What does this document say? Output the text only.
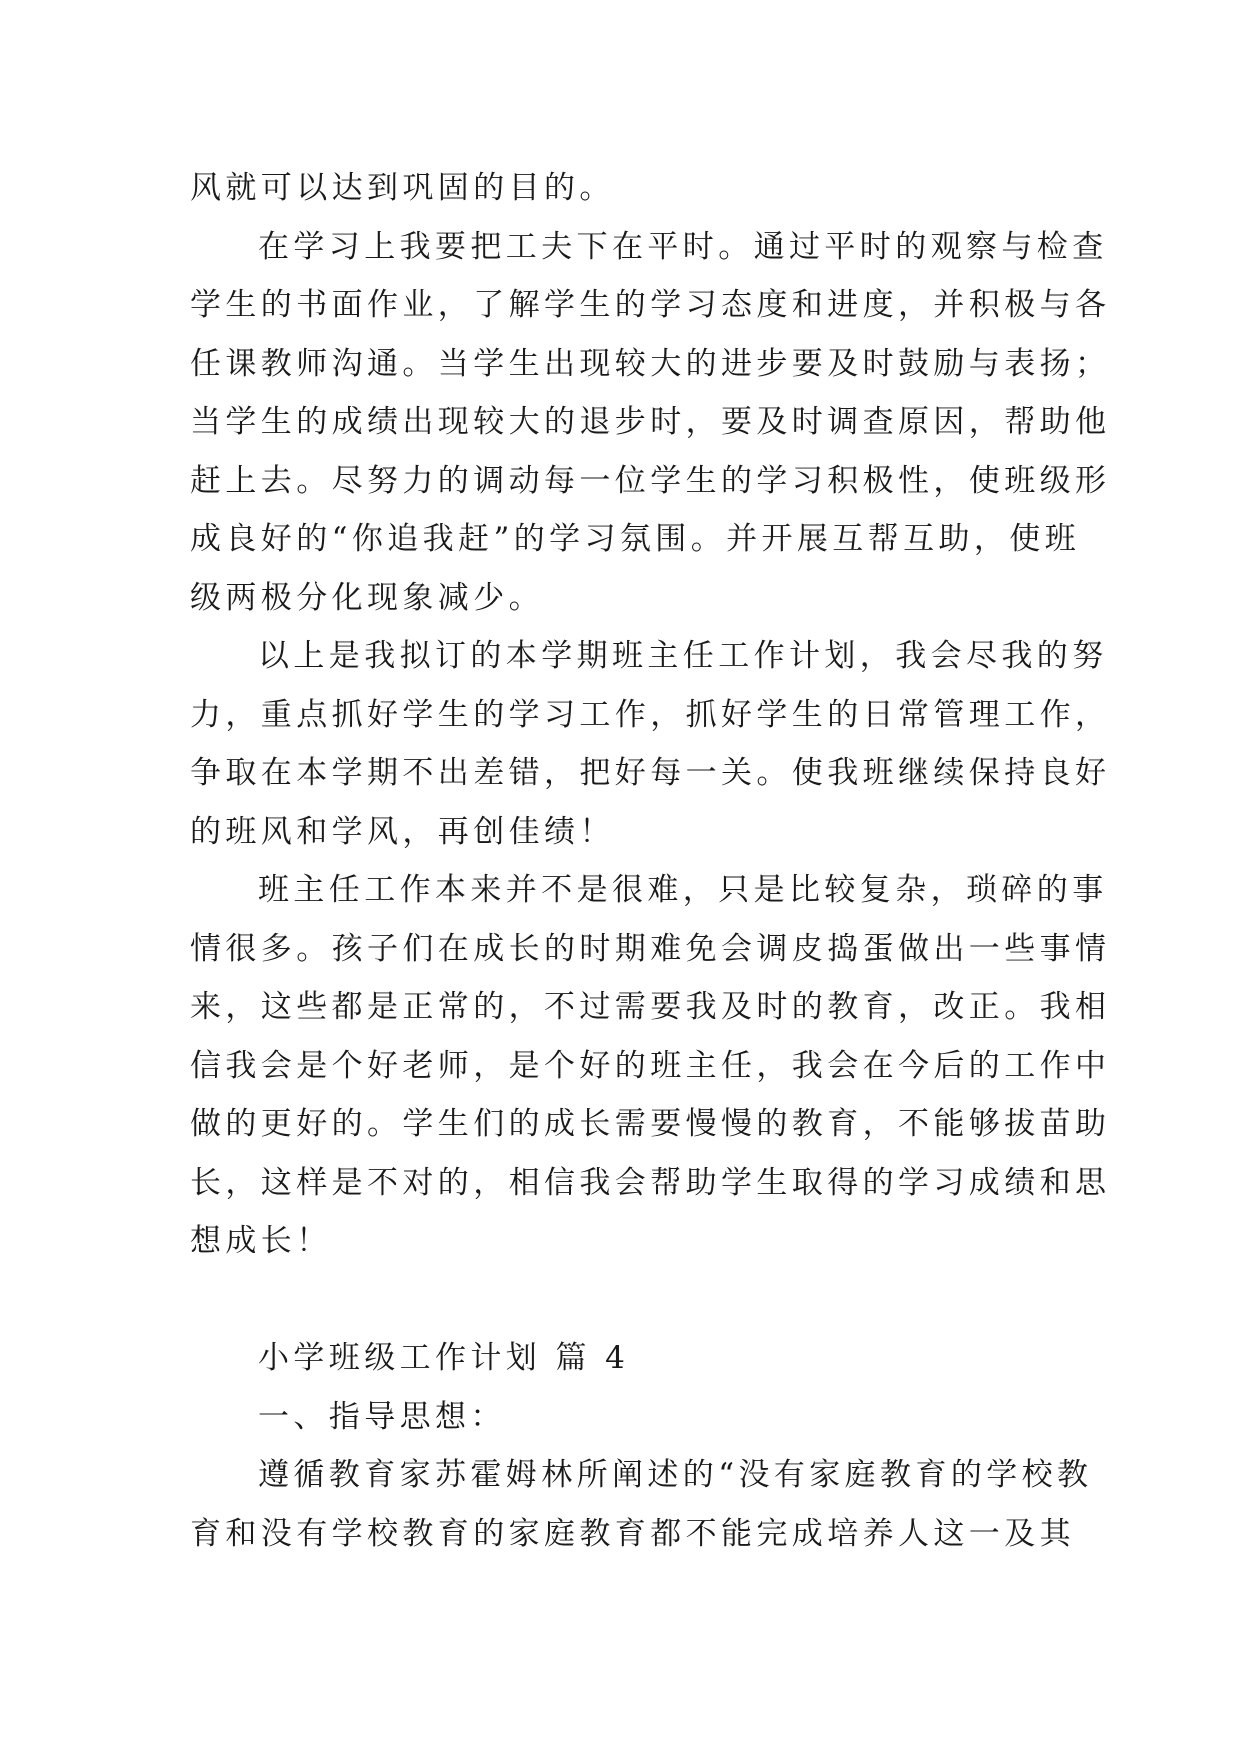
风就可以达到巩固的目的。
在学习上我要把工夫下在平时。通过平时的观察与检查
学生的书面作业，了解学生的学习态度和进度，并积极与各
任课教师沟通。当学生出现较大的进步要及时鼓励与表扬；
当学生的成绩出现较大的退步时，要及时调查原因，帮助他
赶上去。尽努力的调动每一位学生的学习积极性，使班级形
成良好的“你追我赶”的学习氛围。并开展互帮互助，使班
级两极分化现象减少。
以上是我拟订的本学期班主任工作计划，我会尽我的努
力，重点抓好学生的学习工作，抓好学生的日常管理工作，
争取在本学期不出差错，把好每一关。使我班继续保持良好
的班风和学风，再创佳绩！
班主任工作本来并不是很难，只是比较复杂，琐碎的事
情很多。孩子们在成长的时期难免会调皮捣蛋做出一些事情
来，这些都是正常的，不过需要我及时的教育，改正。我相
信我会是个好老师，是个好的班主任，我会在今后的工作中
做的更好的。学生们的成长需要慢慢的教育，不能够拔苗助
长，这样是不对的，相信我会帮助学生取得的学习成绩和思
想成长！
小学班级工作计划 篇 4
一、指导思想：
遵循教育家苏霍姆林所阐述的“没有家庭教育的学校教
育和没有学校教育的家庭教育都不能完成培养人这一及其
